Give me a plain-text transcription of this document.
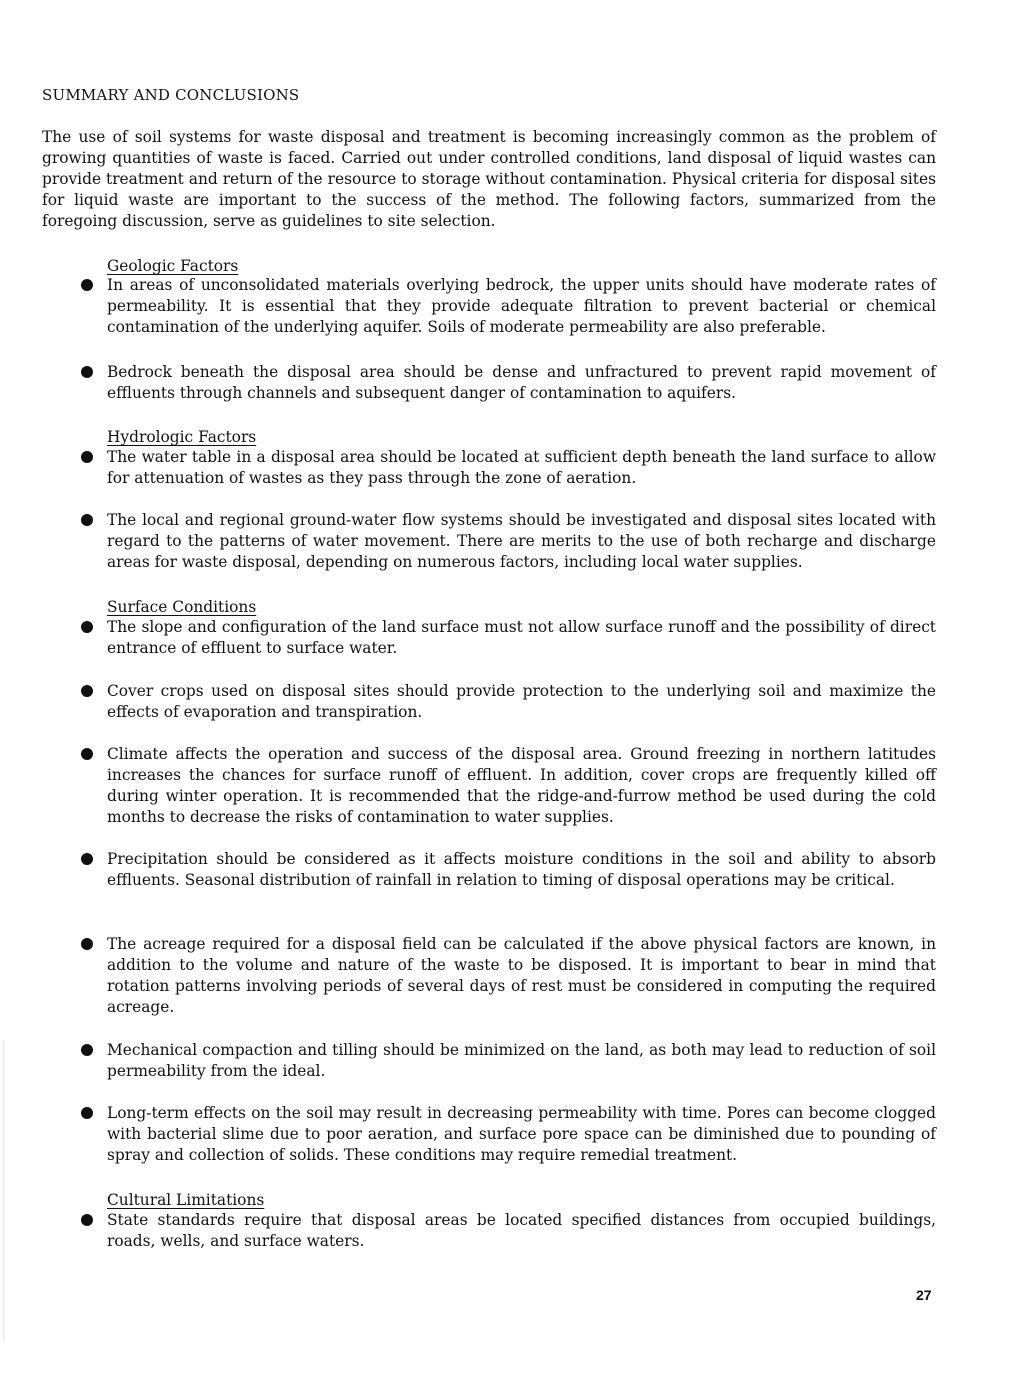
SUMMARY AND CONCLUSIONS

The use of soil systems for waste disposal and treatment is becoming increasingly common as the problem of growing quantities of waste is faced. Carried out under controlled conditions, land disposal of liquid wastes can provide treatment and return of the resource to storage without contamination. Physical criteria for disposal sites for liquid waste are important to the success of the method. The following factors, summarized from the foregoing discussion, serve as guidelines to site selection.

Geologic Factors

In areas of unconsolidated materials overlying bedrock, the upper units should have moderate rates of permeability. It is essential that they provide adequate filtration to prevent bacterial or chemical contamination of the underlying aquifer. Soils of moderate permeability are also preferable.

Bedrock beneath the disposal area should be dense and unfractured to prevent rapid movement of effluents through channels and subsequent danger of contamination to aquifers.

Hydrologic Factors

The water table in a disposal area should be located at sufficient depth beneath the land surface to allow for attenuation of wastes as they pass through the zone of aeration.

The local and regional ground-water flow systems should be investigated and disposal sites located with regard to the patterns of water movement. There are merits to the use of both recharge and discharge areas for waste disposal, depending on numerous factors, including local water supplies.

Surface Conditions

The slope and configuration of the land surface must not allow surface runoff and the possibility of direct entrance of effluent to surface water.

Cover crops used on disposal sites should provide protection to the underlying soil and maximize the effects of evaporation and transpiration.

Climate affects the operation and success of the disposal area. Ground freezing in northern latitudes increases the chances for surface runoff of effluent. In addition, cover crops are frequently killed off during winter operation. It is recommended that the ridge-and-furrow method be used during the cold months to decrease the risks of contamination to water supplies.

Precipitation should be considered as it affects moisture conditions in the soil and ability to absorb effluents. Seasonal distribution of rainfall in relation to timing of disposal operations may be critical.

The acreage required for a disposal field can be calculated if the above physical factors are known, in addition to the volume and nature of the waste to be disposed. It is important to bear in mind that rotation patterns involving periods of several days of rest must be considered in computing the required acreage.

Mechanical compaction and tilling should be minimized on the land, as both may lead to reduction of soil permeability from the ideal.

Long-term effects on the soil may result in decreasing permeability with time. Pores can become clogged with bacterial slime due to poor aeration, and surface pore space can be diminished due to pounding of spray and collection of solids. These conditions may require remedial treatment.

Cultural Limitations

State standards require that disposal areas be located specified distances from occupied buildings, roads, wells, and surface waters.

27
